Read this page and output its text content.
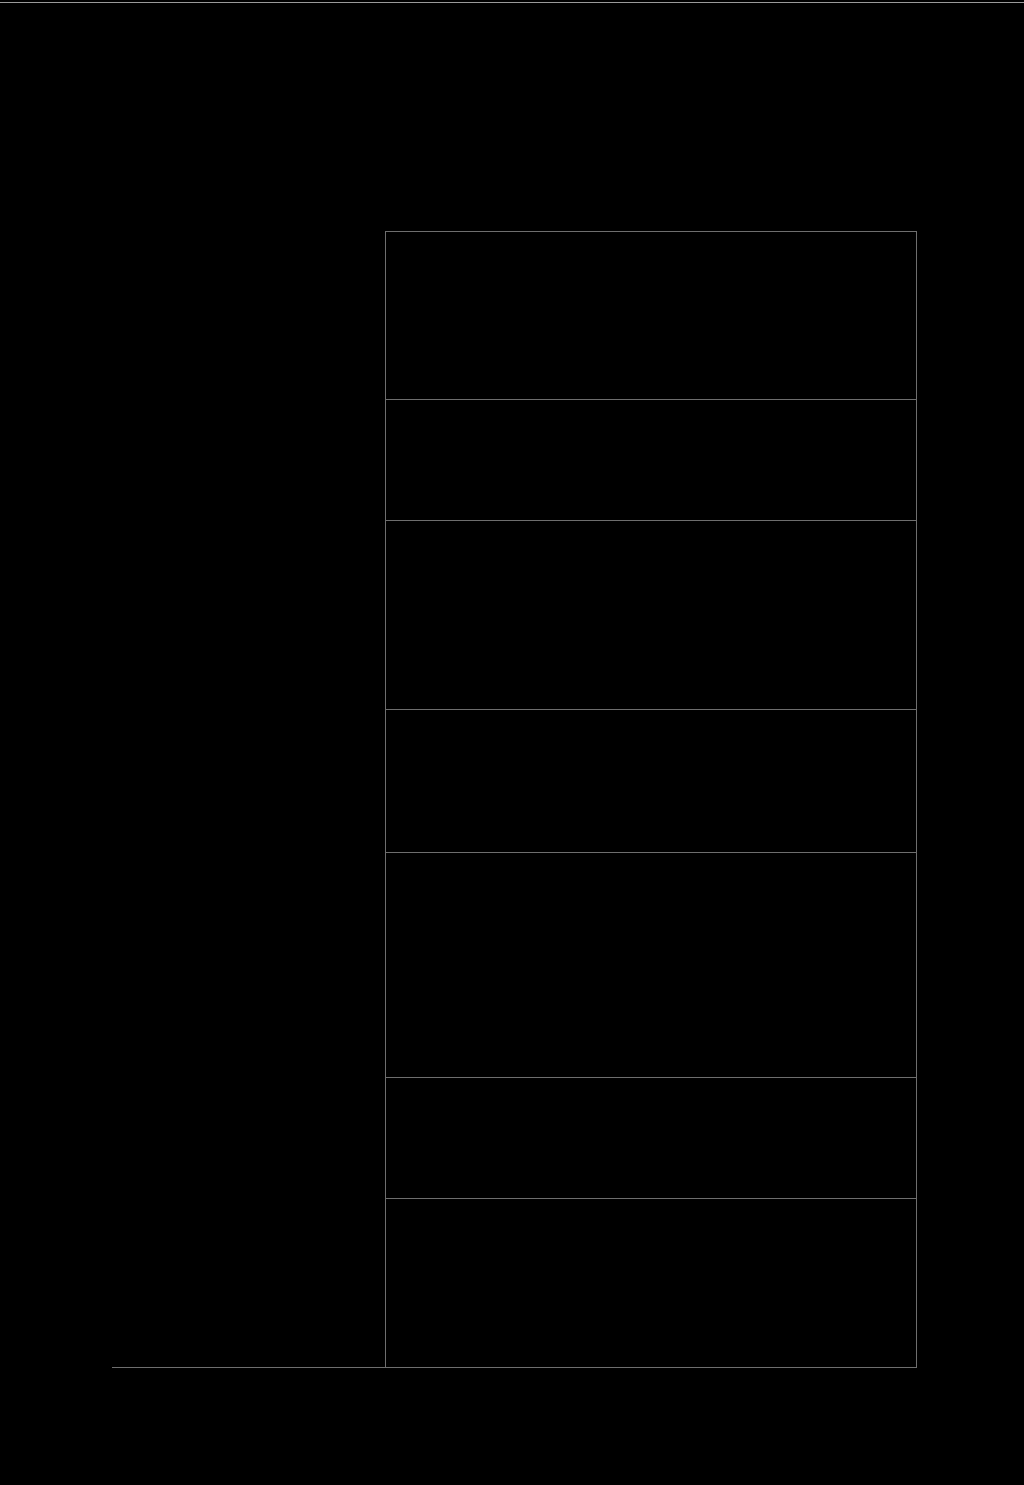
Prevádzkový poriadok, Materská škola Hrušovany, Hrušovany 336, 956 13
B. denný poriadok materskej školy
od 7,00 hod. do 8,50 hod.
-rámcovo stanovený čas
od 8,50 hod. do 9,15 hod.
-presne stanovený čas
od 9,15 hod. do 11,30 hod.
-rámcovo stanovený čas
od 11,30 hod. do 12,10 hod.
-presne stanovený čas
od 12,10 hod. do 14,30 hod.
-rámcovo stanovený čas
od 14,30hod. do 15,00 hod.
-presne stanovený čas
od 15,00 hod. do 16,00 hod.
-rámcovo stanovený čas
➢ hry a hravé činnosti
➢ edukačná aktivita
➢ pohybové a relaxačné cvičenia
➢ činnosti zabezpečujúce životosprávu – hygiena
➢ činnosti zabezpečujúce životosprávu – hygiena,
desiata, stolovanie, edukačná aktivita
➢ hry a hrové činnosti
➢ edukačná aktivita
➢ pobyt vonku
➢ pohybové a relaxačné cvičenia
➢ činnosti zabezpečujúce životosprávu – hygiena,
obed, stolovanie, edukačná aktivita
➢ činnosti zabezpečujúce životosprávu – príprava na
odpočinok, hygiena, sebaobslužné činnosti
➢ edukačná aktivita
➢ pohybové a relaxačné cvičenia
➢ hry a hrové činnosti
➢ činnosti zabezpečujúce životosprávu – hygiena,
olovrant, stolovanie, edukačná aktivita
➢ hry a hrové činnosti
➢ edukačná aktivita
➢ pobyt vonku
➢ pohybové a relaxačné cvičenia
➢ činnosti zabezpečujúce životosprávu – hygiena
